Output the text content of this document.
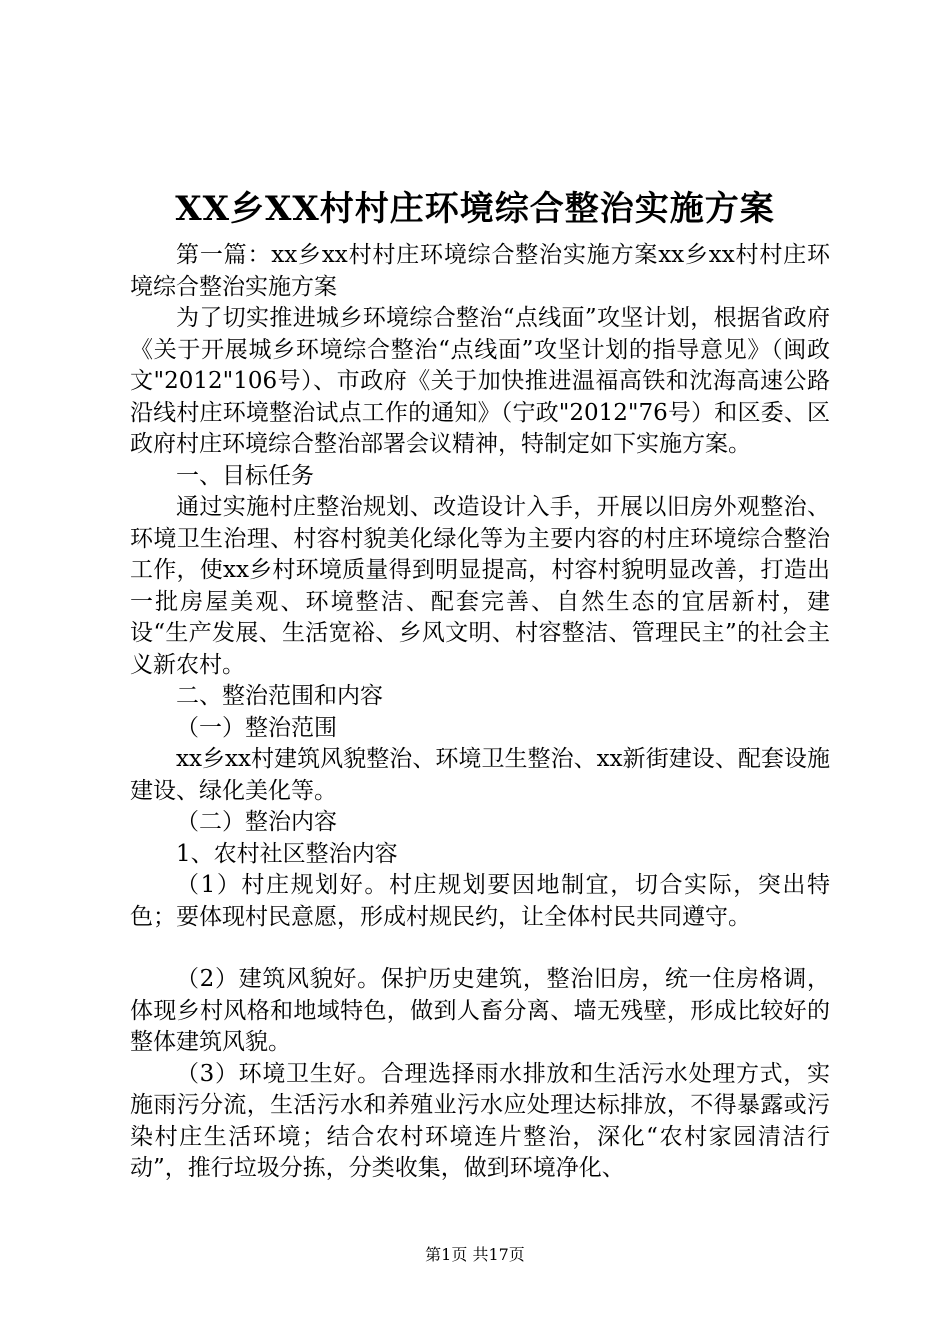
XX乡XX村村庄环境综合整治实施方案

第一篇：xx乡xx村村庄环境综合整治实施方案xx乡xx村村庄环境综合整治实施方案

为了切实推进城乡环境综合整治“点线面”攻坚计划，根据省政府《关于开展城乡环境综合整治“点线面”攻坚计划的指导意见》（闽政文"2012"106号）、市政府《关于加快推进温福高铁和沈海高速公路沿线村庄环境整治试点工作的通知》（宁政"2012"76号）和区委、区政府村庄环境综合整治部署会议精神，特制定如下实施方案。

一、目标任务

通过实施村庄整治规划、改造设计入手，开展以旧房外观整治、环境卫生治理、村容村貌美化绿化等为主要内容的村庄环境综合整治工作，使xx乡村环境质量得到明显提高，村容村貌明显改善，打造出一批房屋美观、环境整洁、配套完善、自然生态的宜居新村，建设“生产发展、生活宽裕、乡风文明、村容整洁、管理民主”的社会主义新农村。

二、整治范围和内容

（一）整治范围

xx乡xx村建筑风貌整治、环境卫生整治、xx新街建设、配套设施建设、绿化美化等。

（二）整治内容

1、农村社区整治内容

（1）村庄规划好。村庄规划要因地制宜，切合实际，突出特色；要体现村民意愿，形成村规民约，让全体村民共同遵守。

（2）建筑风貌好。保护历史建筑，整治旧房，统一住房格调，体现乡村风格和地域特色，做到人畜分离、墙无残壁，形成比较好的整体建筑风貌。

（3）环境卫生好。合理选择雨水排放和生活污水处理方式，实施雨污分流，生活污水和养殖业污水应处理达标排放，不得暴露或污染村庄生活环境；结合农村环境连片整治，深化“农村家园清洁行动”，推行垃圾分拣，分类收集，做到环境净化、

第1页 共17页
